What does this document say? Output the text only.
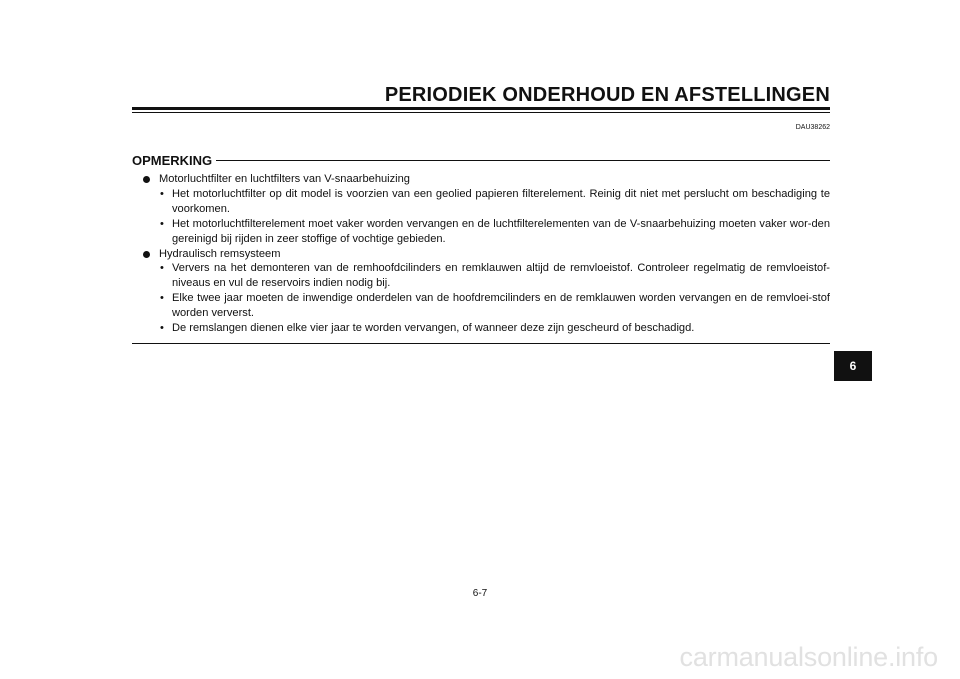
PERIODIEK ONDERHOUD EN AFSTELLINGEN
DAU38262
OPMERKING
Motorluchtfilter en luchtfilters van V-snaarbehuizing
• Het motorluchtfilter op dit model is voorzien van een geolied papieren filterelement. Reinig dit niet met perslucht om beschadiging te voorkomen.
• Het motorluchtfilterelement moet vaker worden vervangen en de luchtfilterelementen van de V-snaarbehuizing moeten vaker wor-den gereinigd bij rijden in zeer stoffige of vochtige gebieden.
Hydraulisch remsysteem
• Ververs na het demonteren van de remhoofdcilinders en remklauwen altijd de remvloeistof. Controleer regelmatig de remvloeistof-niveaus en vul de reservoirs indien nodig bij.
• Elke twee jaar moeten de inwendige onderdelen van de hoofdremcilinders en de remklauwen worden vervangen en de remvloei-stof worden ververst.
• De remslangen dienen elke vier jaar te worden vervangen, of wanneer deze zijn gescheurd of beschadigd.
6
6-7
carmanualsonline.info
